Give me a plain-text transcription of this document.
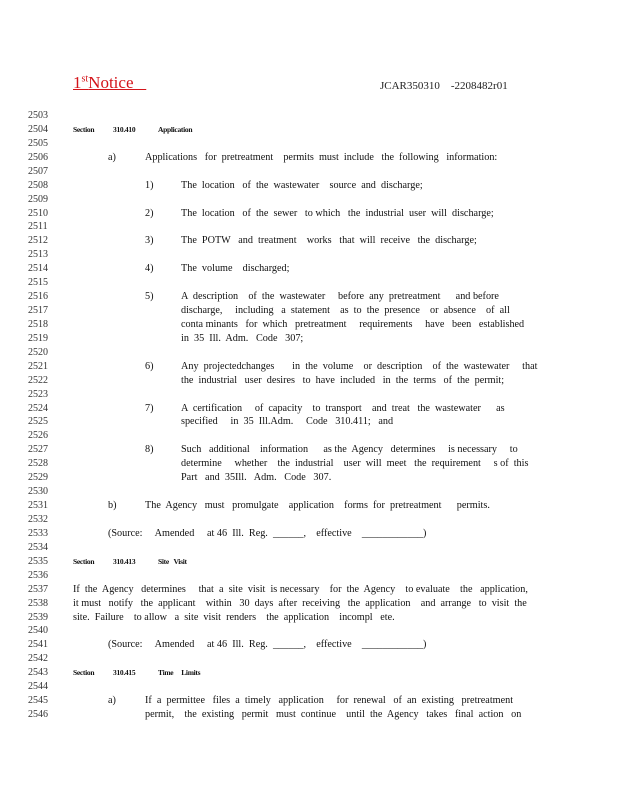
1stNotice	JCAR350310    -2208482r01
2503
2504
2505
2506
2507
2508
2509
2510
2511
2512
2513
2514
2515
2516
2517
2518
2519
2520
2521
2522
2523
2524
2525
2526
2527
2528
2529
2530
2531
2532
2533
2534
2535
2536
2537
2538
2539
2540
2541
2542
2543
2544
2545
2546
Section	310.410	Application
a)	Applications   for  pretreatment    permits  must  include   the  following   information:
1)	The  location   of  the  wastewater    source  and  discharge;
2)	The  location   of  the  sewer   to which   the  industrial  user  will  discharge;
3)	The  POTW   and  treatment    works   that  will  receive   the  discharge;
4)	The  volume    discharged;
5)	A  description    of  the  wastewater     before  any  pretreatment      and before
discharge,     including   a  statement    as  to  the  presence    or  absence    of  all
conta minants   for  which   pretreatment     requirements     have   been   established
in  35  Ill.  Adm.   Code   307;
6)	Any  projectedchanges       in  the  volume    or  description    of  the  wastewater     that
the  industrial   user  desires   to  have  included   in  the  terms   of  the  permit;
7)	A  certification     of  capacity    to  transport    and  treat   the  wastewater      as
specified     in  35  Ill.Adm.     Code   310.411;   and
8)	Such   additional    information      as the  Agency   determines     is necessary     to
determine     whether    the  industrial    user  will  meet   the  requirement     s of  this
Part   and  35Ill.   Adm.   Code   307.
b)	The  Agency   must   promulgate    application    forms  for  pretreatment      permits.
(Source:     Amended     at 46  Ill.  Reg.  ______,    effective    ____________)
Section	310.413	Site   Visit
If  the  Agency   determines     that  a  site  visit  is necessary    for  the  Agency    to evaluate    the   application,
it must   notify   the  applicant    within   30  days  after  receiving   the  application    and  arrange   to  visit  the
site.  Failure    to allow   a  site  visit  renders    the  application    incompl   ete.
(Source:     Amended     at 46  Ill.  Reg.  ______,    effective    ____________)
Section	310.415	Time     Limits
a)	If  a  permittee   files  a  timely   application     for  renewal   of  an  existing   pretreatment
permit,    the  existing   permit   must  continue    until  the  Agency   takes   final  action   on
